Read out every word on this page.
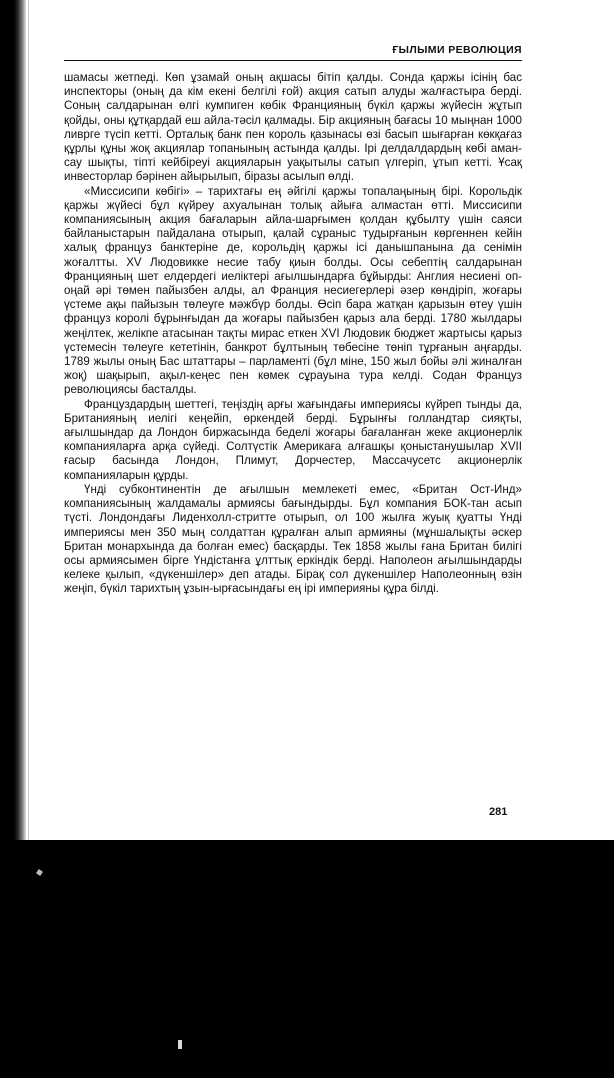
ҒЫЛЫМИ РЕВОЛЮЦИЯ

шамасы жетпеді. Көп ұзамай оның ақшасы бітіп қалды. Сонда қаржы ісінің бас инспекторы (оның да кім екені белгілі ғой) акция сатып алуды жалғастыра берді. Соның салдарынан өлгі кумпиген көбік Францияның бүкіл қаржы жүйесін жұтып қойды, оны құтқардай еш айла-тәсіл қалмады. Бір акцияның бағасы 10 мыңнан 1000 ливрге түсіп кетті. Орталық банк пен король қазынасы өзі басып шығарған көкқағаз құрлы құны жоқ акциялар топанының астында қалды. Ірі делдалдардың көбі аман-сау шықты, тіпті кейбіреуі акцияларын уақытылы сатып үлгеріп, ұтып кетті. Ұсақ инвесторлар бәрінен айырылып, біразы асылып өлді.

«Миссисипи көбігі» – тарихтағы ең әйгілі қаржы топалаңының бірі. Корольдік қаржы жүйесі бұл күйреу ахуалынан толық айыға алмастан өтті. Миссисипи компаниясының акция бағаларын айла-шарғымен қолдан құбылту үшін саяси байланыстарын пайдалана отырып, қалай сұраныс тудырғанын көргеннен кейін халық француз банктеріне де, корольдің қаржы ісі данышпанына да сенімін жоғалтты. XV Людовикке несие табу қиын болды. Осы себептің салдарынан Францияның шет елдердегі иеліктері ағылшындарға бұйырды: Англия несиені оп-оңай әрі төмен пайызбен алды, ал Франция несиегерлері әзер көндіріп, жоғары үстеме ақы пайызын төлеуге мәжбүр болды. Өсіп бара жатқан қарызын өтеу үшін француз королі бұрынғыдан да жоғары пайызбен қарыз ала берді. 1780 жылдары жеңілтек, желікпе атасынан тақты мирас еткен XVI Людовик бюджет жартысы қарыз үстемесін төлеуге кететінін, банкрот бұлтының төбесіне төніп тұрғанын аңғарды. 1789 жылы оның Бас штаттары – парламенті (бұл міне, 150 жыл бойы әлі жиналған жоқ) шақырып, ақыл-кеңес пен көмек сұрауына тура келді. Содан Француз революциясы басталды.

Француздардың шеттегі, теңіздің арғы жағындағы империясы күйреп тынды да, Британияның иелігі кеңейіп, өркендей берді. Бұрынғы голландтар сияқты, ағылшындар да Лондон биржасында беделі жоғары бағаланған жеке акционерлік компанияларға арқа сүйеді. Солтүстік Америкаға алғашқы қоныстанушылар XVII ғасыр басында Лондон, Плимут, Дорчестер, Массачусетс акционерлік компанияларын құрды.

Үнді субконтинентін де ағылшын мемлекеті емес, «Британ Ост-Инд» компаниясының жалдамалы армиясы бағындырды. Бұл компания БОК-тан асып түсті. Лондондағы Лиденхолл-стритте отырып, ол 100 жылға жуық қуатты Үнді империясы мен 350 мың солдаттан құралған алып армияны (мұншалықты әскер Британ монархында да болған емес) басқарды. Тек 1858 жылы ғана Британ билігі осы армиясымен бірге Үндістанға ұлттық еркіндік берді. Наполеон ағылшындарды келеке қылып, «дүкеншілер» деп атады. Бірақ сол дүкеншілер Наполеонның өзін жеңіп, бүкіл тарихтың ұзын-ырғасындағы ең ірі империяны құра білді.

281
